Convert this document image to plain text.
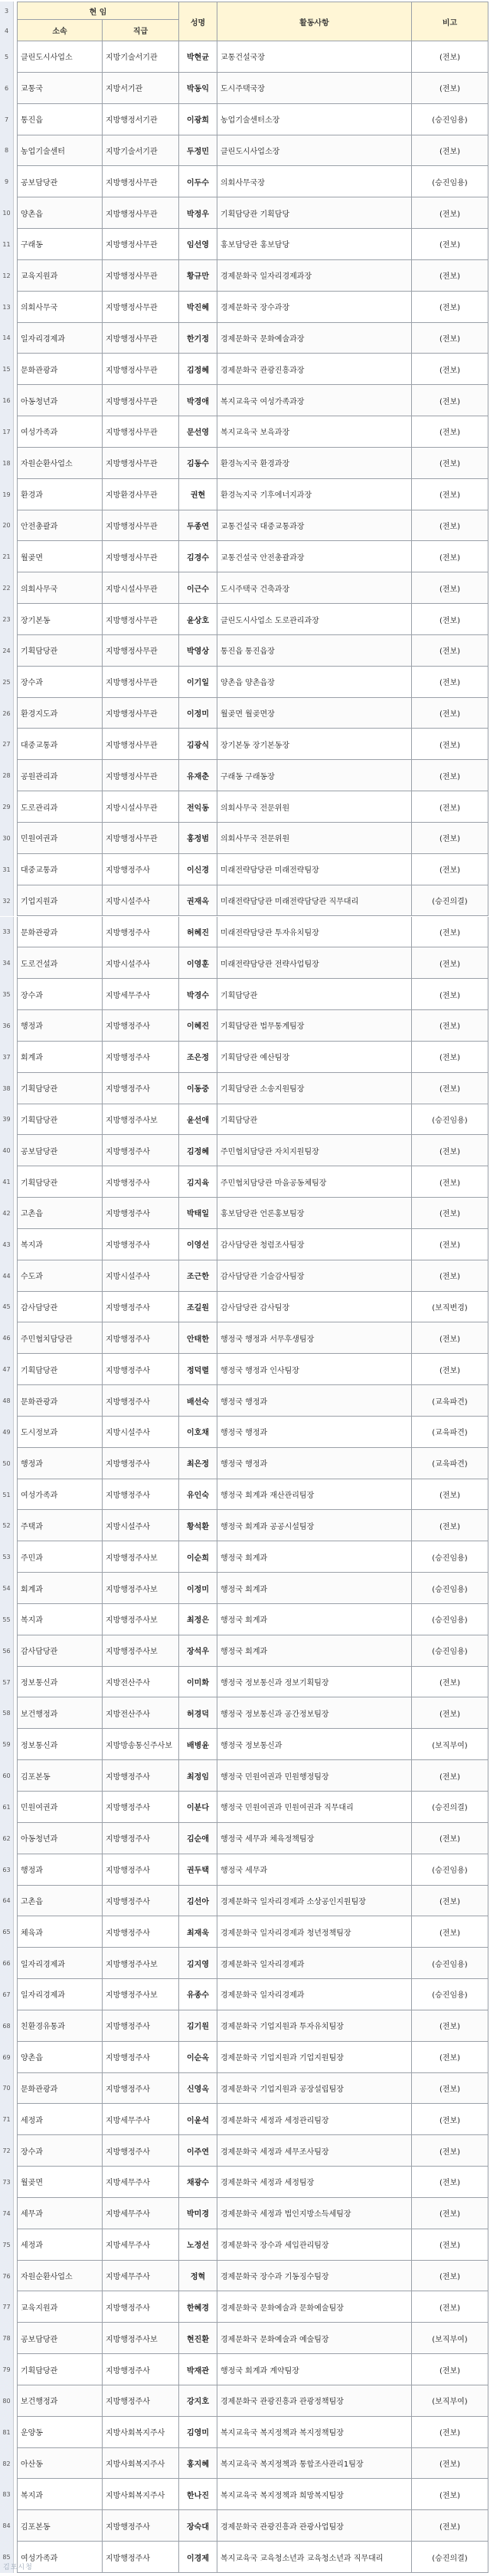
3
4
5
6
7
8
9
10
11
12
13
14
15
16
17
18
19
20
21
22
23
24
25
26
27
28
29
30
31
32
33
34
35
36
37
38
39
40
41
42
43
44
45
46
47
48
49
50
51
52
53
54
55
56
57
58
59
60
61
62
63
64
65
66
67
68
69
70
71
72
73
74
75
76
77
78
79
80
81
82
83
84
85
현 임
성명	활동사항	비고
소속	직급
클린도시사업소	지방기술서기관	박현균	교통건설국장	(전보)
교통국	지방서기관	박동익	도시주택국장	(전보)
통진읍	지방행정서기관	이광희	농업기술센터소장	(승진임용)
농업기술센터	지방기술서기관	두정민	클린도시사업소장	(전보)
공보담당관	지방행정사무관	이두수	의회사무국장	(승진임용)
양촌읍	지방행정사무관	박정우	기획담당관 기획담당	(전보)
구래동	지방행정사무관	임선영	홍보담당관 홍보담당	(전보)
교육지원과	지방행정사무관	황규만	경제문화국 일자리경제과장	(전보)
의회사무국	지방행정사무관	박진혜	경제문화국 장수과장	(전보)
일자리경제과	지방행정사무관	한기정	경제문화국 문화예술과장	(전보)
문화관광과	지방행정사무관	김정혜	경제문화국 관광진흥과장	(전보)
아동청년과	지방행정사무관	박경애	복지교육국 여성가족과장	(전보)
여성가족과	지방행정사무관	문선영	복지교육국 보육과장	(전보)
자원순환사업소	지방행정사무관	김동수	환경녹지국 환경과장	(전보)
환경과	지방환경사무관	권현	환경녹지국 기후에너지과장	(전보)
안전총괄과	지방행정사무관	두종연	교통건설국 대중교통과장	(전보)
월곶면	지방행정사무관	김경수	교통건설국 안전총괄과장	(전보)
의회사무국	지방시설사무관	이근수	도시주택국 건축과장	(전보)
장기본동	지방행정사무관	윤상호	클린도시사업소 도로관리과장	(전보)
기획담당관	지방행정사무관	박영상	통진읍 통진읍장	(전보)
장수과	지방행정사무관	이기일	양촌읍 양촌읍장	(전보)
환경지도과	지방행정사무관	이정미	월곶면 월곶면장	(전보)
대중교통과	지방행정사무관	김광식	장기본동 장기본동장	(전보)
공원관리과	지방행정사무관	유재춘	구래동 구래동장	(전보)
도로관리과	지방시설사무관	전익동	의회사무국 전문위원	(전보)
민원여권과	지방행정사무관	홍정범	의회사무국 전문위원	(전보)
대중교통과	지방행정주사	이신경	미래전략담당관 미래전략팀장	(전보)
기업지원과	지방시설주사	권재옥	미래전략담당관 미래전략담당관 직무대리	(승진의결)
문화관광과	지방행정주사	허혜진	미래전략담당관 투자유치팀장	(전보)
도로건설과	지방시설주사	이영훈	미래전략담당관 전략사업팀장	(전보)
장수과	지방세무주사	박경수	기획담당관	(전보)
행정과	지방행정주사	이혜진	기획담당관 법무통계팀장	(전보)
회계과	지방행정주사	조은정	기획담당관 예산팀장	(전보)
기획담당관	지방행정주사	이동중	기획담당관 소송지원팀장	(전보)
기획담당관	지방행정주사보	윤선애	기획담당관	(승진임용)
공보담당관	지방행정주사	김정혜	주민협치담당관 자치지원팀장	(전보)
기획담당관	지방행정주사	김지육	주민협치담당관 마을공동체팀장	(전보)
고촌읍	지방행정주사	박태일	홍보담당관 언론홍보팀장	(전보)
복지과	지방행정주사	이영선	감사담당관 청렴조사팀장	(전보)
수도과	지방시설주사	조근한	감사담당관 기술감사팀장	(전보)
감사담당관	지방행정주사	조길원	감사담당관 감사팀장	(보직변경)
주민협치담당관	지방행정주사	안태한	행정국 행정과 서무후생팀장	(전보)
기획담당관	지방행정주사	정덕렬	행정국 행정과 인사팀장	(전보)
문화관광과	지방행정주사	배선숙	행정국 행정과	(교육파견)
도시정보과	지방시설주사	이호채	행정국 행정과	(교육파견)
행정과	지방행정주사	최은정	행정국 행정과	(교육파견)
여성가족과	지방행정주사	유인숙	행정국 회계과 재산관리팀장	(전보)
주택과	지방시설주사	황석환	행정국 회계과 공공시설팀장	(전보)
주민과	지방행정주사보	이순희	행정국 회계과	(승진임용)
회계과	지방행정주사보	이정미	행정국 회계과	(승진임용)
복지과	지방행정주사보	최정은	행정국 회계과	(승진임용)
감사담당관	지방행정주사보	장석우	행정국 회계과	(승진임용)
정보통신과	지방전산주사	이미화	행정국 정보통신과 정보기획팀장	(전보)
보건행정과	지방전산주사	허경덕	행정국 정보통신과 공간정보팀장	(전보)
정보통신과	지방방송통신주사보	배병윤	행정국 정보통신과	(보직부여)
김포본동	지방행정주사	최정임	행정국 민원여권과 민원행정팀장	(전보)
민원여권과	지방행정주사	이분다	행정국 민원여권과 민원여권과 직무대리	(승진의결)
아동청년과	지방행정주사	김순애	행정국 세무과 체육정책팀장	(전보)
행정과	지방행정주사	권두택	행정국 세무과	(승진임용)
고촌읍	지방행정주사	김선아	경제문화국 일자리경제과 소상공인지원팀장	(전보)
체육과	지방행정주사	최재욱	경제문화국 일자리경제과 청년정책팀장	(전보)
일자리경제과	지방행정주사보	김지영	경제문화국 일자리경제과	(승진임용)
일자리경제과	지방행정주사보	유종수	경제문화국 일자리경제과	(승진임용)
친환경유통과	지방행정주사	김기원	경제문화국 기업지원과 투자유치팀장	(전보)
양촌읍	지방행정주사	이순옥	경제문화국 기업지원과 기업지원팀장	(전보)
문화관광과	지방행정주사	신영옥	경제문화국 기업지원과 공장설립팀장	(전보)
세정과	지방세무주사	이윤석	경제문화국 세정과 세정관리팀장	(전보)
장수과	지방행정주사	이주연	경제문화국 세정과 세무조사팀장	(전보)
월곶면	지방세무주사	채광수	경제문화국 세정과 세정팀장	(전보)
세무과	지방세무주사	박미경	경제문화국 세정과 법인지방소득세팀장	(전보)
세정과	지방세무주사	노정선	경제문화국 장수과 세입관리팀장	(전보)
자원순환사업소	지방세무주사	정혁	경제문화국 장수과 기동징수팀장	(전보)
교육지원과	지방행정주사	한혜경	경제문화국 문화예술과 문화예술팀장	(전보)
공보담당관	지방행정주사보	현진환	경제문화국 문화예술과 예술팀장	(보직부여)
기획담당관	지방행정주사	박재관	행정국 회계과 계약팀장	(전보)
보건행정과	지방행정주사	강지호	경제문화국 관광진흥과 관광정책팀장	(보직부여)
운양동	지방사회복지주사	김영미	복지교육국 복지정책과 복지정책팀장	(전보)
아산동	지방사회복지주사	홍지혜	복지교육국 복지정책과 통합조사관리1팀장	(전보)
복지과	지방사회복지주사	한나진	복지교육국 복지정책과 희망복지팀장	(전보)
김포본동	지방행정주사	장숙대	경제문화국 관광진흥과 관광사업팀장	(전보)
여성가족과	지방행정주사	이경제	복지교육국 교육청소년과 교육청소년과 직무대리	(승진의결)
김포시청
